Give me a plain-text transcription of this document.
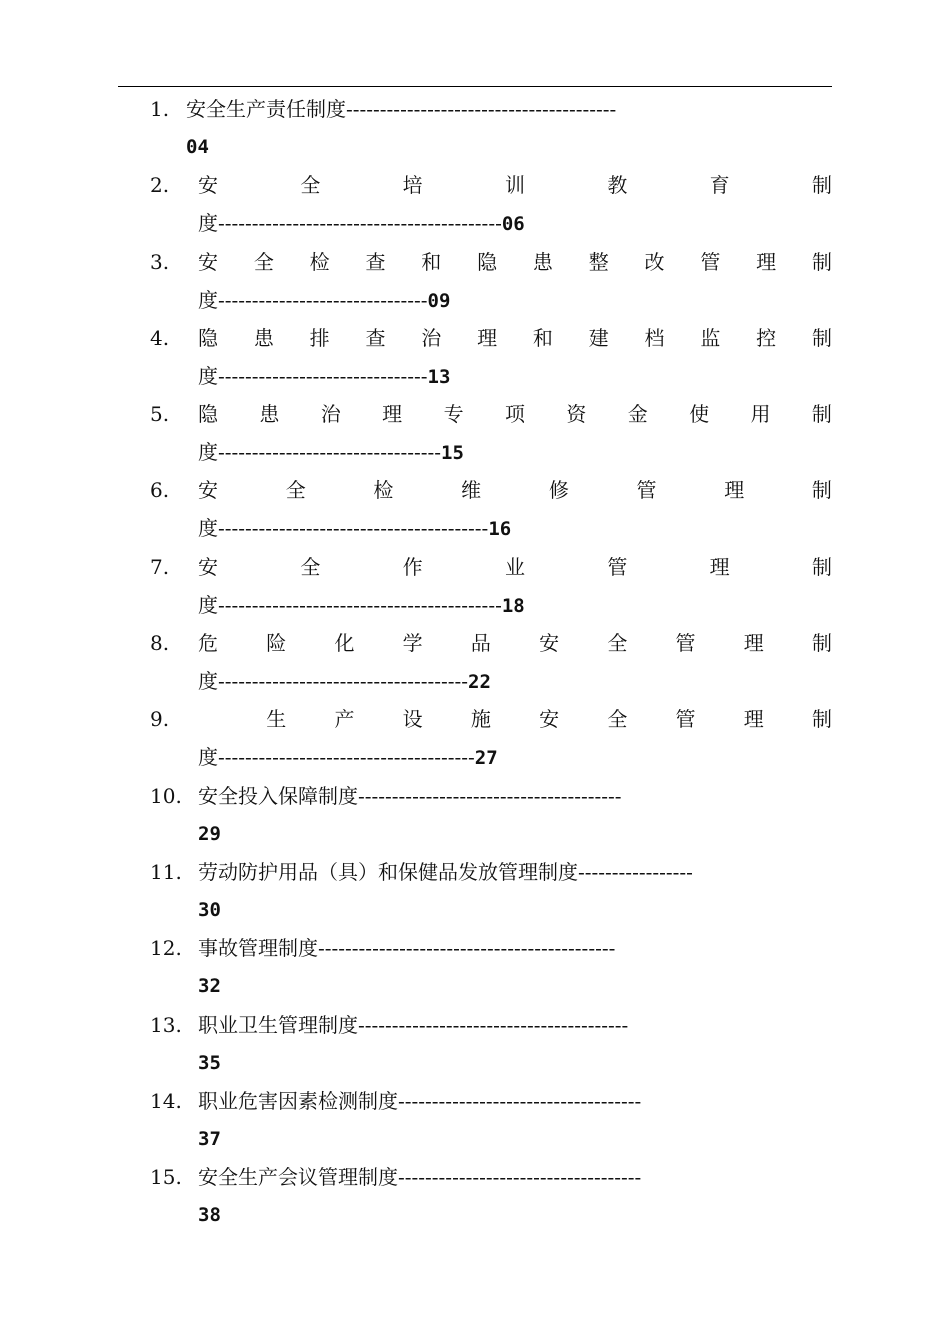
1. 安全生产责任制度----------------------------------------
04
2.	安	全	培	训	教	育	制
度------------------------------------------06
3.	安 全 检 查 和 隐 患 整 改 管 理 制
度-------------------------------09
4.	隐 患 排 查 治 理 和 建 档 监 控 制
度-------------------------------13
5.	隐 患 治 理 专 项 资 金 使 用 制
度---------------------------------15
6.	安	全	检	维	修	管	理	制
度----------------------------------------16
7.	安	全	作	业	管	理	制
度------------------------------------------18
8.	危 险 化 学 品 安 全 管 理 制
度-------------------------------------22
9.	生 产 设 施 安 全 管 理 制
度--------------------------------------27
10. 安全投入保障制度---------------------------------------
29
11. 劳动防护用品（具）和保健品发放管理制度-----------------
30
12. 事故管理制度--------------------------------------------
32
13. 职业卫生管理制度----------------------------------------
35
14. 职业危害因素检测制度------------------------------------
37
15. 安全生产会议管理制度------------------------------------
38
